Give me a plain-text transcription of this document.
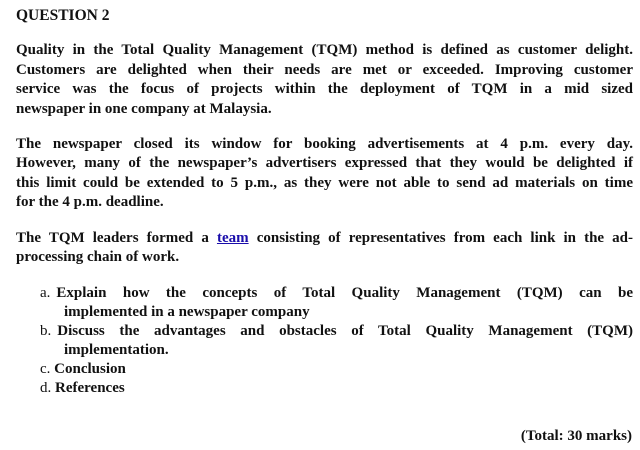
QUESTION 2
Quality in the Total Quality Management (TQM) method is defined as customer delight.
Customers are delighted when their needs are met or exceeded. Improving customer
service was the focus of projects within the deployment of TQM in a mid sized
newspaper in one company at Malaysia.
The newspaper closed its window for booking advertisements at 4 p.m. every day.
However, many of the newspaper’s advertisers expressed that they would be delighted if
this limit could be extended to 5 p.m., as they were not able to send ad materials on time
for the 4 p.m. deadline.
The TQM leaders formed a team consisting of representatives from each link in the ad-
processing chain of work.
a. Explain how the concepts of Total Quality Management (TQM) can be
implemented in a newspaper company
b. Discuss the advantages and obstacles of Total Quality Management (TQM)
implementation.
c. Conclusion
d. References
(Total: 30 marks)
